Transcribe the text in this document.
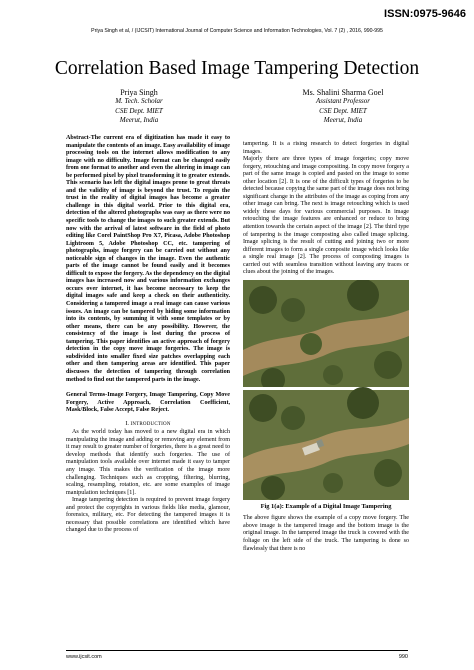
ISSN:0975-9646
Priya Singh et al, / (IJCSIT) International Journal of Computer Science and Information Technologies, Vol. 7 (2) , 2016, 990-995
Correlation Based Image Tampering Detection
Priya Singh
M. Tech. Scholar
CSE Dept. MIET
Meerut, India
Ms. Shalini Sharma Goel
Assistant Professor
CSE Dept. MIET
Meerut, India

Abstract-The current era of digitization has made it easy to manipulate the contents of an image. Easy availability of image processing tools on the internet allows modification to any image with no difficulty. Image format can be changed easily from one format to another and even the altering in image can be performed pixel by pixel transforming it to greater extends. This scenario has left the digital images prone to great threats and the validity of image is beyond the trust. To regain the trust in the reality of digital images has become a greater challenge in this digital world. Prior to this digital era, detection of the altered photographs was easy as there were no specific tools to change the images to such greater extends. But now with the arrival of latest software in the field of photo editing like Corel PaintShop Pro X7, Picasa, Adobe Photoshop Lightroom 5, Adobe Photoshop CC, etc. tampering of photographs, image forgery can be carried out without any noticeable sign of changes in the image. Even the authentic parts of the image cannot be found easily and it becomes difficult to expose the forgery. As the dependency on the digital images has increased now and various information exchanges occurs over internet, it has become necessary to keep the digital images safe and keep a check on their authenticity. Considering a tampered image a real image can cause various issues. An image can be tampered by hiding some information into its contents, by summing it with some templates or by other means, there can be any possibility. However, the consistency of the image is lost during the process of tampering. This paper identifies an active approach of forgery detection in the copy move image forgeries. The image is subdivided into smaller fixed size patches overlapping each other and then tampering areas are identified. This paper discusses the detection of tampering through correlation method to find out the tampered parts in the image.

General Terms-Image Forgery, Image Tampering, Copy Move Forgery, Active Approach, Correlation Coefficient, Mask/Block, False Accept, False Reject.

I. INTRODUCTION

As the world today has moved to a new digital era in which manipulating the image and adding or removing any element from it may result to greater number of forgeries, there is a great need to develop methods that identify such forgeries. The use of manipulation tools available over internet made it easy to tamper any image. This makes the verification of the image more challenging. Techniques such as cropping, filtering, blurring, scaling, resampling, rotation, etc. are some examples of image manipulation techniques [1].

Image tampering detection is required to prevent image forgery and protect the copyrights in various fields like media, glamour, forensics, military, etc. For detecting the tampered images it is necessary that possible correlations are identified which have changed due to the process of

tampering. It is a rising research to detect forgeries in digital images.

Majorly there are three types of image forgeries; copy move forgery, retouching and image compositing. In copy move forgery a part of the same image is copied and pasted on the image to some other location [2]. It is one of the difficult types of forgeries to be detected because copying the same part of the image does not bring significant change in the attributes of the image as coping from any other image can bring. The next is image retouching which is used widely these days for various commercial purposes. In image retouching the image features are enhanced or reduce to bring attention towards the certain aspect of the image [2]. The third type of tampering is the image composting also called image splicing. Image splicing is the result of cutting and joining two or more different images to form a single composite image which looks like a single real image [2]. The process of composting images is carried out with seamless transition without leaving any traces or clues about the joining of the images.

Fig 1(a): Example of a Digital Image Tampering

The above figure shows the example of a copy move forgery. The above image is the tampered image and the bottom image is the original image. In the tampered image the truck is covered with the foliage on the left side of the truck. The tampering is done so flawlessly that there is no

www.ijcsit.com	990
